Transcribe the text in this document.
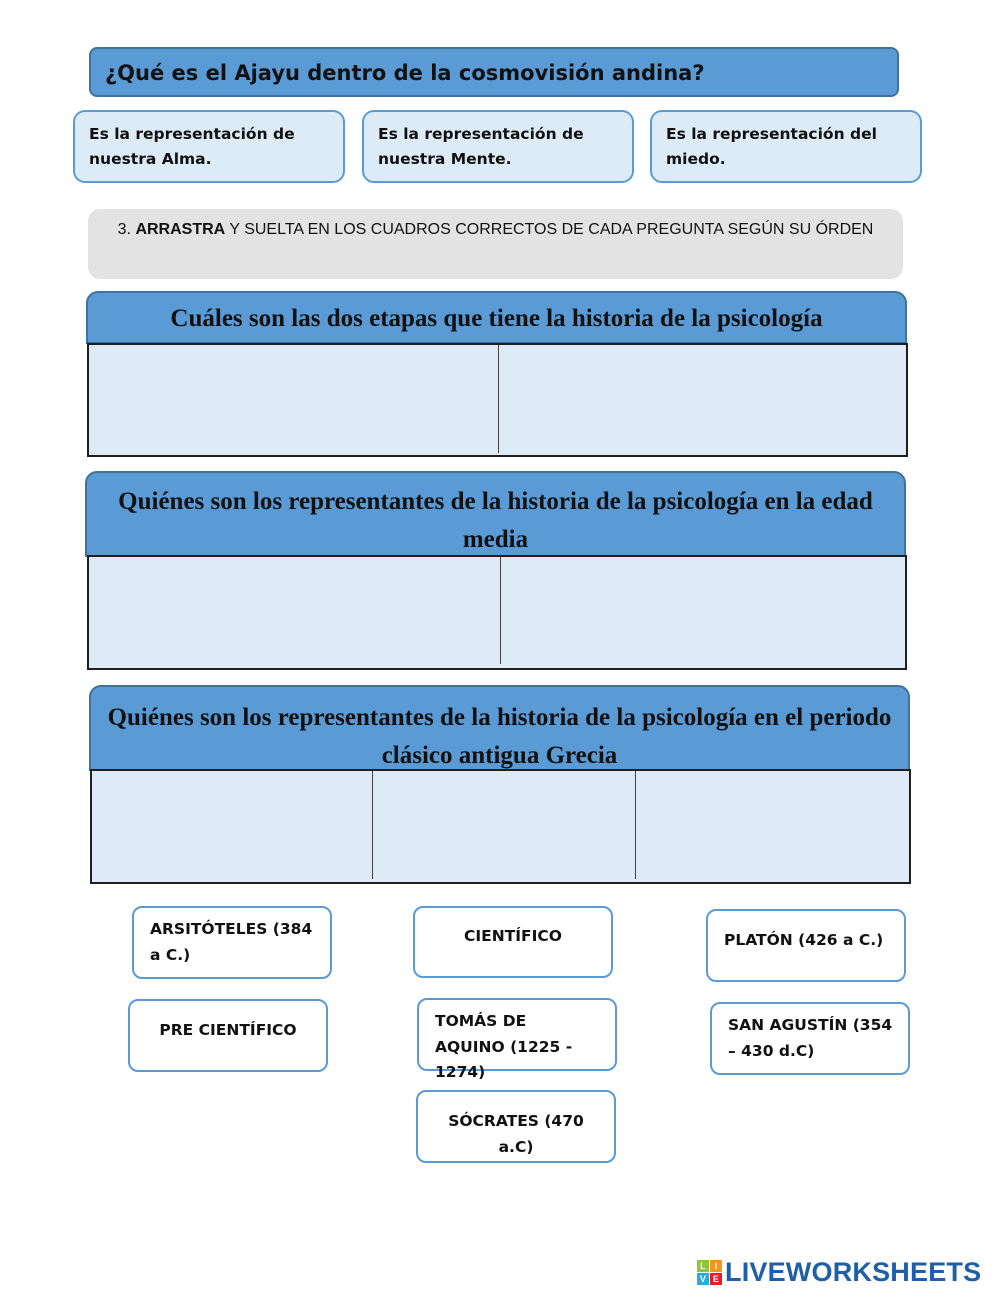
¿Qué es el Ajayu dentro de la cosmovisión andina?
Es la representación de nuestra Alma.
Es la representación de nuestra Mente.
Es la representación del miedo.
3. ARRASTRA Y SUELTA EN LOS CUADROS CORRECTOS DE CADA PREGUNTA SEGÚN SU ÓRDEN
Cuáles son las dos etapas que tiene la historia de la psicología
Quiénes son los representantes de la historia de la psicología en la edad media
Quiénes son los representantes de la historia de la psicología en el periodo clásico antigua Grecia
ARSITÓTELES (384 a C.)
CIENTÍFICO	PLATÓN (426 a C.)
PRE CIENTÍFICO	TOMÁS DE AQUINO (1225 - 1274)
SAN AGUSTÍN (354 – 430 d.C)
SÓCRATES (470 a.C)
L I
V E LIVEWORKSHEETS
